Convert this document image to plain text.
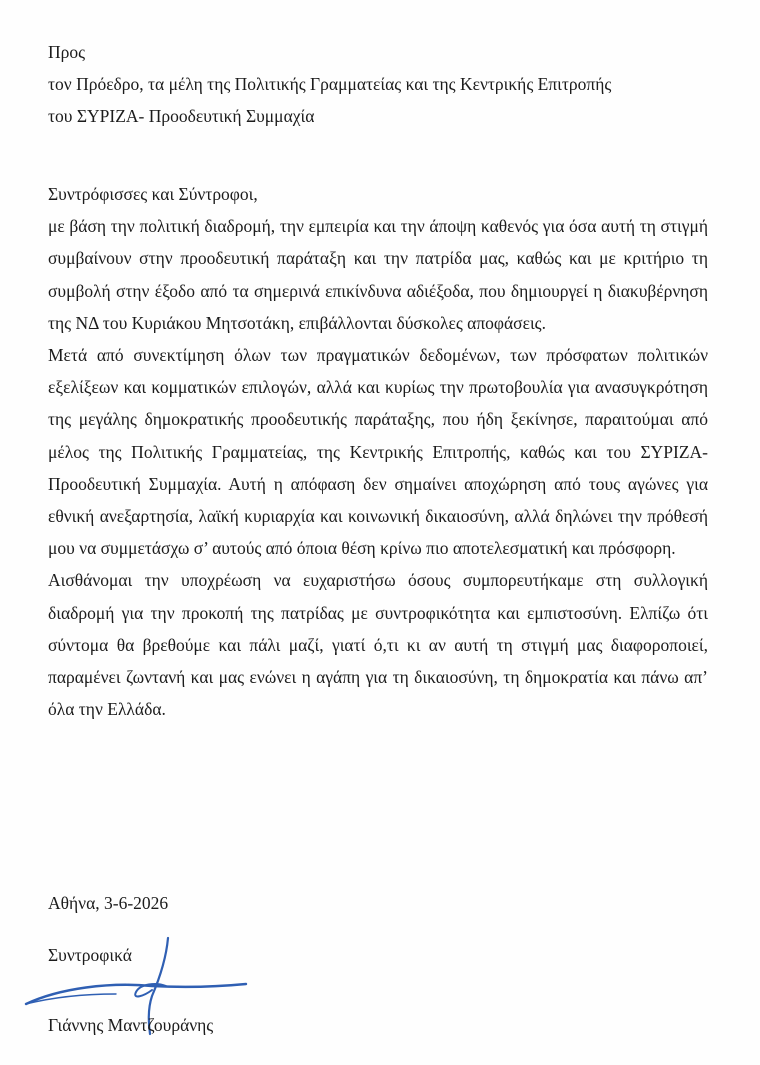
Προς
τον Πρόεδρο, τα μέλη της Πολιτικής Γραμματείας και της Κεντρικής Επιτροπής
του ΣΥΡΙΖΑ- Προοδευτική Συμμαχία
Συντρόφισσες και Σύντροφοι,

με βάση την πολιτική διαδρομή, την εμπειρία και την άποψη καθενός για όσα αυτή τη στιγμή συμβαίνουν στην προοδευτική παράταξη και την πατρίδα μας, καθώς και με κριτήριο τη συμβολή στην έξοδο από τα σημερινά επικίνδυνα αδιέξοδα, που δημιουργεί η διακυβέρνηση της ΝΔ του Κυριάκου Μητσοτάκη, επιβάλλονται δύσκολες αποφάσεις.

Μετά από συνεκτίμηση όλων των πραγματικών δεδομένων, των πρόσφατων πολιτικών εξελίξεων και κομματικών επιλογών, αλλά και κυρίως την πρωτοβουλία για ανασυγκρότηση της μεγάλης δημοκρατικής προοδευτικής παράταξης, που ήδη ξεκίνησε, παραιτούμαι από μέλος της Πολιτικής Γραμματείας, της Κεντρικής Επιτροπής, καθώς και του ΣΥΡΙΖΑ- Προοδευτική Συμμαχία. Αυτή η απόφαση δεν σημαίνει αποχώρηση από τους αγώνες για εθνική ανεξαρτησία, λαϊκή κυριαρχία και κοινωνική δικαιοσύνη, αλλά δηλώνει την πρόθεσή μου να συμμετάσχω σ’ αυτούς από όποια θέση κρίνω πιο αποτελεσματική και πρόσφορη.

Αισθάνομαι την υποχρέωση να ευχαριστήσω όσους συμπορευτήκαμε στη συλλογική διαδρομή για την προκοπή της πατρίδας με συντροφικότητα και εμπιστοσύνη. Ελπίζω ότι σύντομα θα βρεθούμε και πάλι μαζί, γιατί ό,τι κι αν αυτή τη στιγμή μας διαφοροποιεί, παραμένει ζωντανή και μας ενώνει η αγάπη για τη δικαιοσύνη, τη δημοκρατία και πάνω απ’ όλα την Ελλάδα.

Αθήνα, 3-6-2026
Συντροφικά
Γιάννης Μαντζουράνης
